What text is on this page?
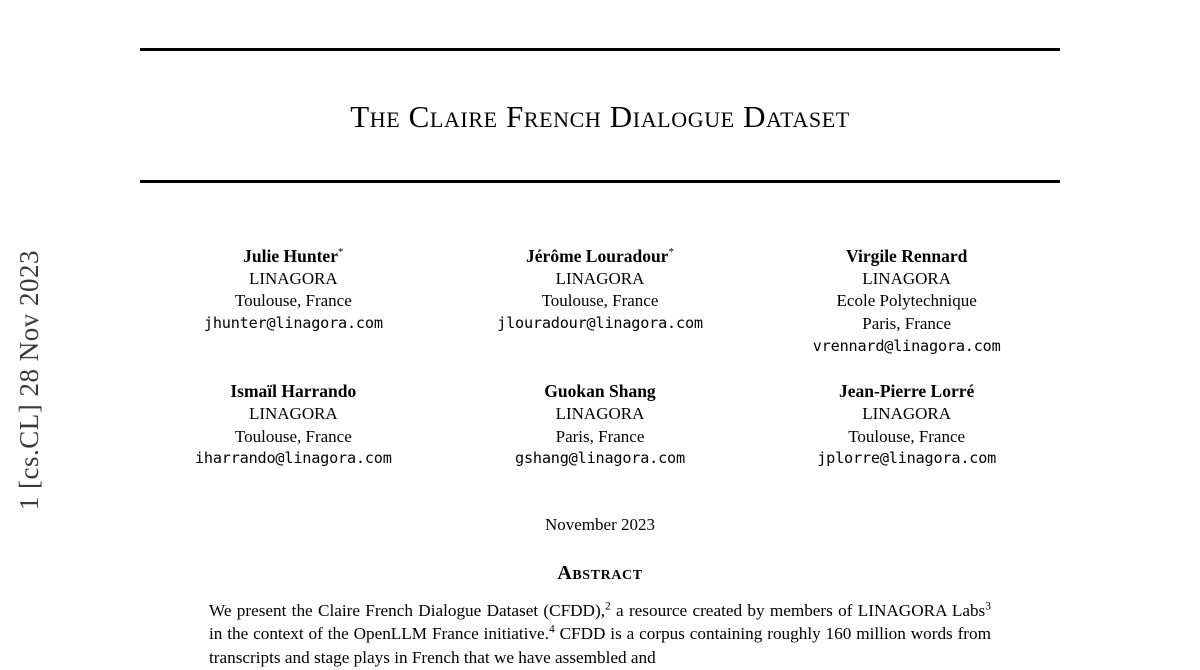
1 [cs.CL] 28 Nov 2023
The Claire French Dialogue Dataset
Julie Hunter*
LINAGORA
Toulouse, France
jhunter@linagora.com
Jérôme Louradour*
LINAGORA
Toulouse, France
jlouradour@linagora.com
Virgile Rennard
LINAGORA
Ecole Polytechnique
Paris, France
vrennard@linagora.com
Ismaïl Harrando
LINAGORA
Toulouse, France
iharrando@linagora.com
Guokan Shang
LINAGORA
Paris, France
gshang@linagora.com
Jean-Pierre Lorré
LINAGORA
Toulouse, France
jplorre@linagora.com
November 2023
Abstract
We present the Claire French Dialogue Dataset (CFDD),$^2$ a resource created by members of LINAGORA Labs$^3$ in the context of the OpenLLM France initiative.$^4$ CFDD is a corpus containing roughly 160 million words from transcripts and stage plays in French that we have assembled and
